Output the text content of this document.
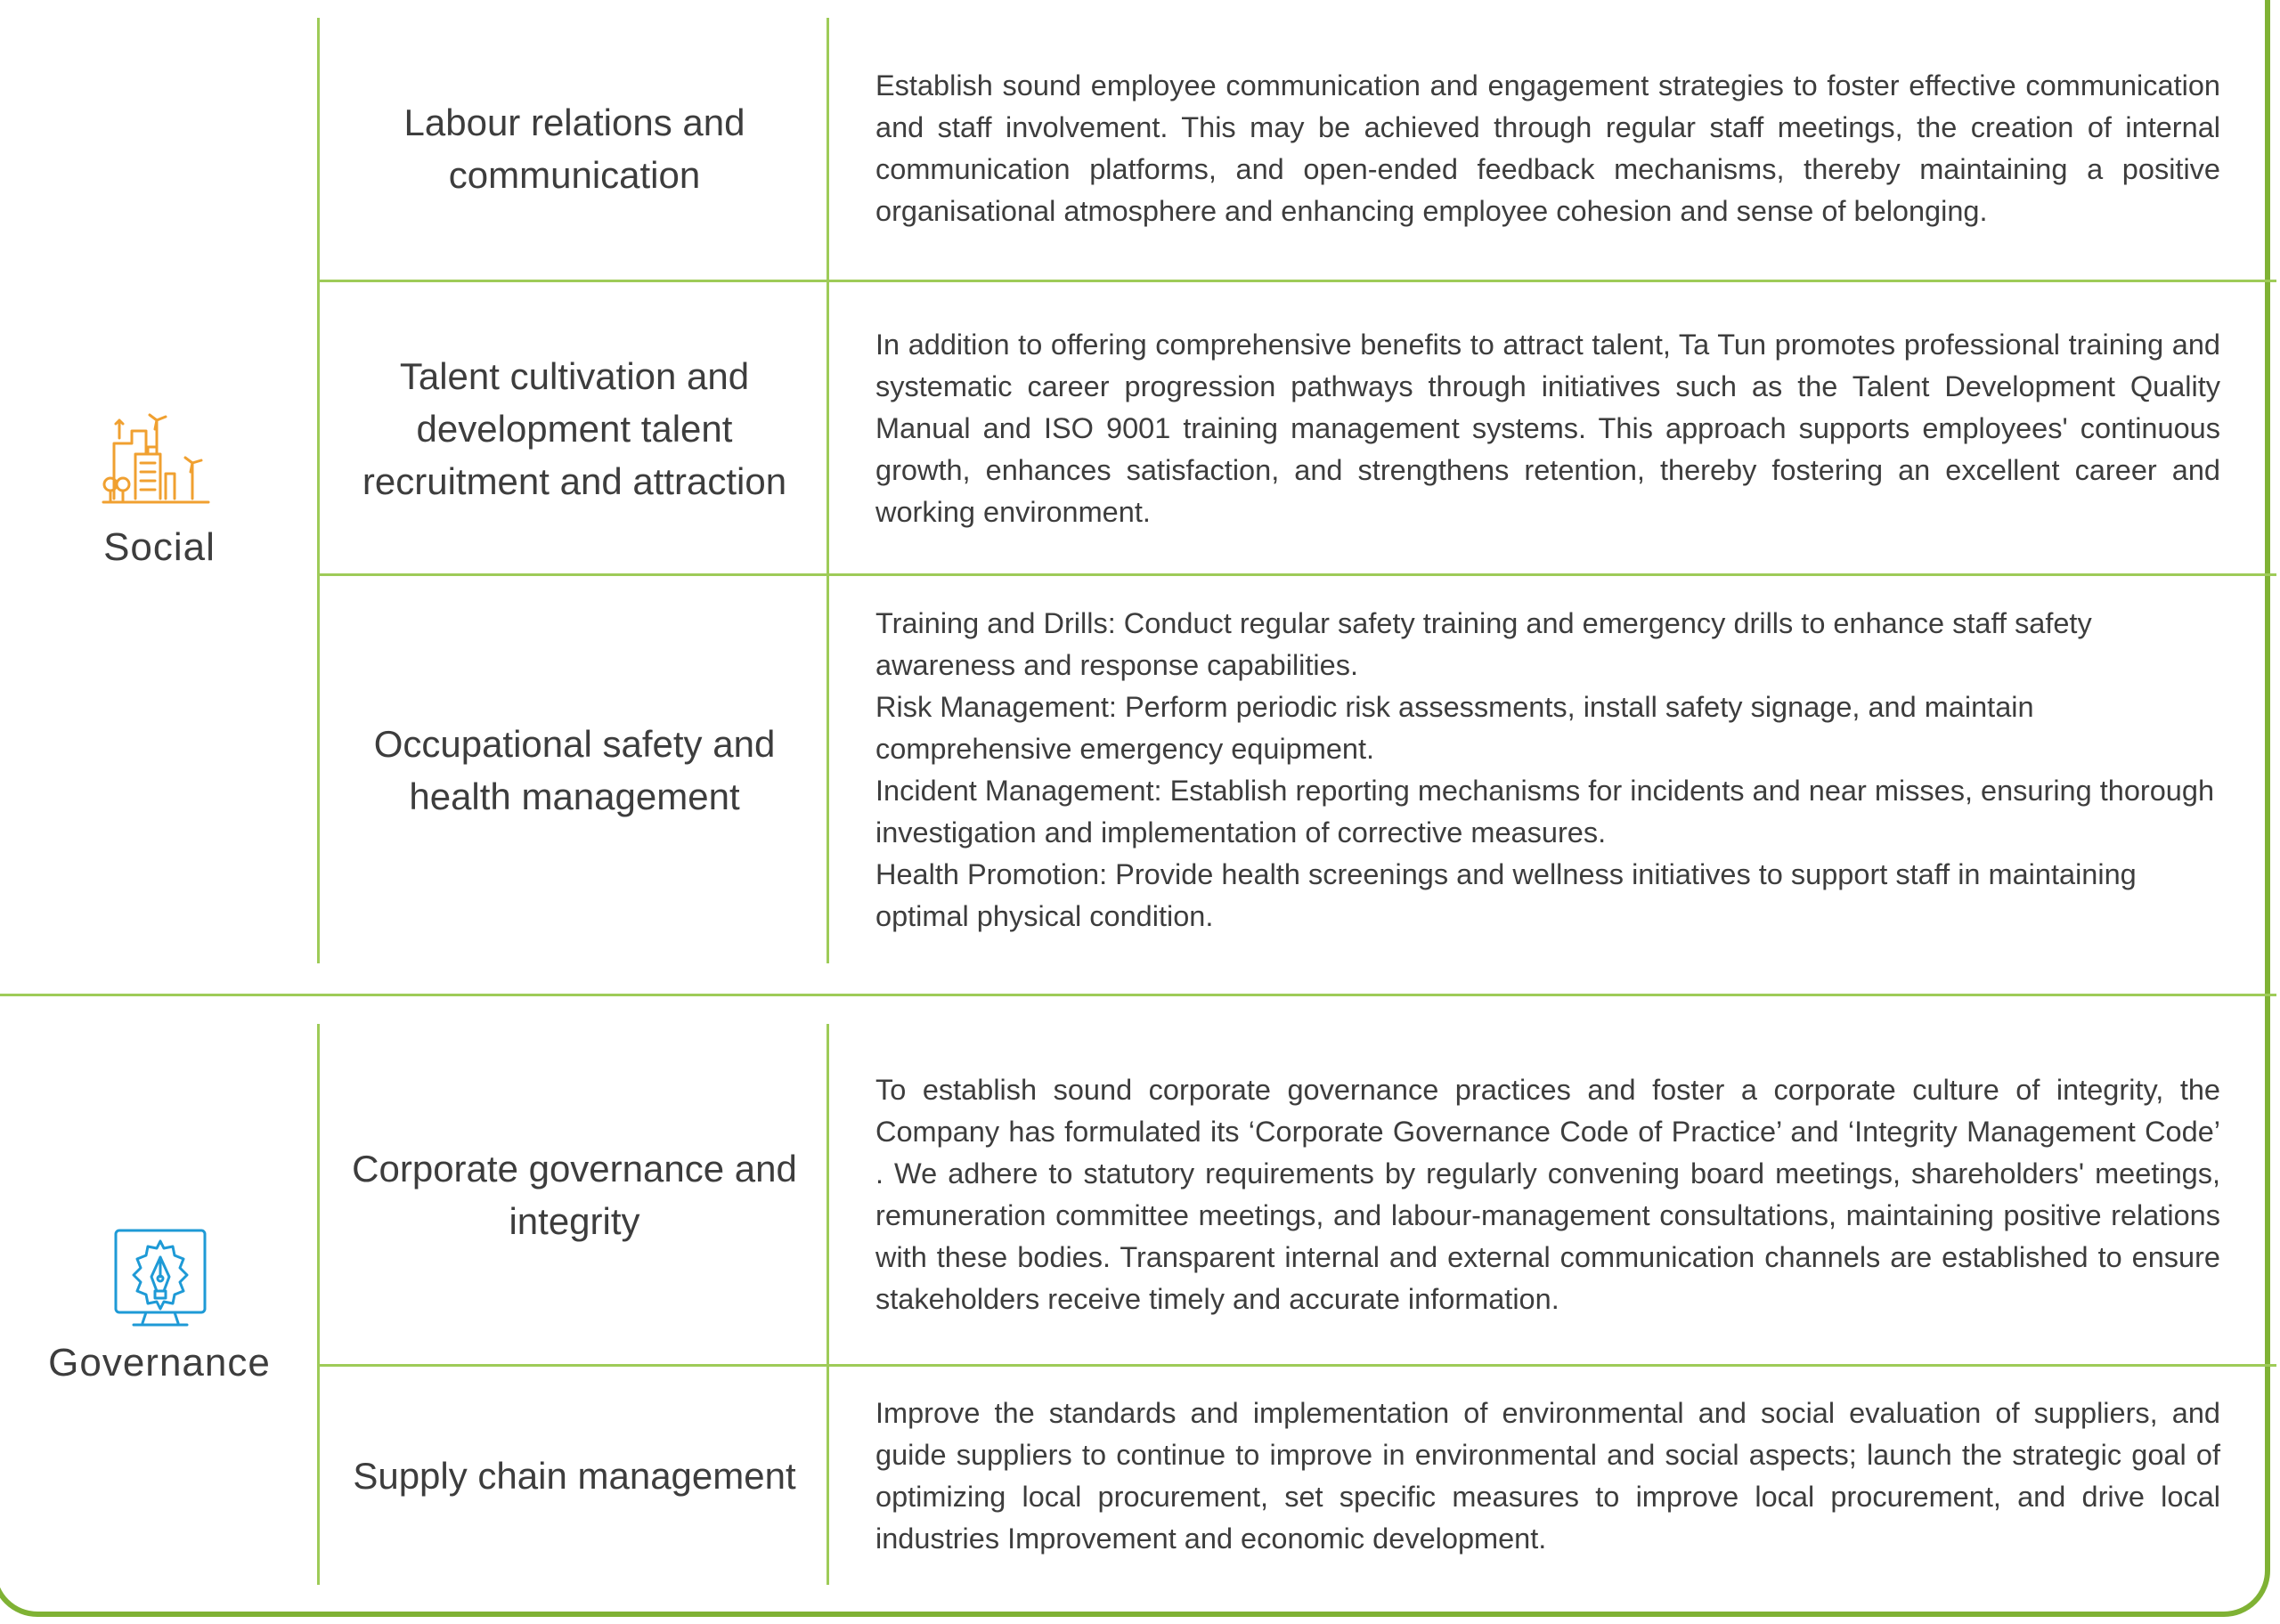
Social
Labour relations and communication
Establish sound employee communication and engagement strategies to foster effective communication and staff involvement. This may be achieved through regular staff meetings, the creation of internal communication platforms, and open-ended feedback mechanisms, thereby maintaining a positive organisational atmosphere and enhancing employee cohesion and sense of belonging.
Talent cultivation and development talent recruitment and attraction
In addition to offering comprehensive benefits to attract talent, Ta Tun promotes professional training and systematic career progression pathways through initiatives such as the Talent Development Quality Manual and ISO 9001 training management systems. This approach supports employees' continuous growth, enhances satisfaction, and strengthens retention, thereby fostering an excellent career and working environment.
Occupational safety and health management
Training and Drills: Conduct regular safety training and emergency drills to enhance staff safety awareness and response capabilities.
Risk Management: Perform periodic risk assessments, install safety signage, and maintain comprehensive emergency equipment.
Incident Management: Establish reporting mechanisms for incidents and near misses, ensuring thorough investigation and implementation of corrective measures.
Health Promotion: Provide health screenings and wellness initiatives to support staff in maintaining optimal physical condition.
Governance
Corporate governance and integrity
To establish sound corporate governance practices and foster a corporate culture of integrity, the Company has formulated its ‘Corporate Governance Code of Practice’ and ‘Integrity Management Code’ . We adhere to statutory requirements by regularly convening board meetings, shareholders' meetings, remuneration committee meetings, and labour-management consultations, maintaining positive relations with these bodies. Transparent internal and external communication channels are established to ensure stakeholders receive timely and accurate information.
Supply chain management
Improve the standards and implementation of environmental and social evaluation of suppliers, and guide suppliers to continue to improve in environmental and social aspects; launch the strategic goal of optimizing local procurement, set specific measures to improve local procurement, and drive local industries Improvement and economic development.
